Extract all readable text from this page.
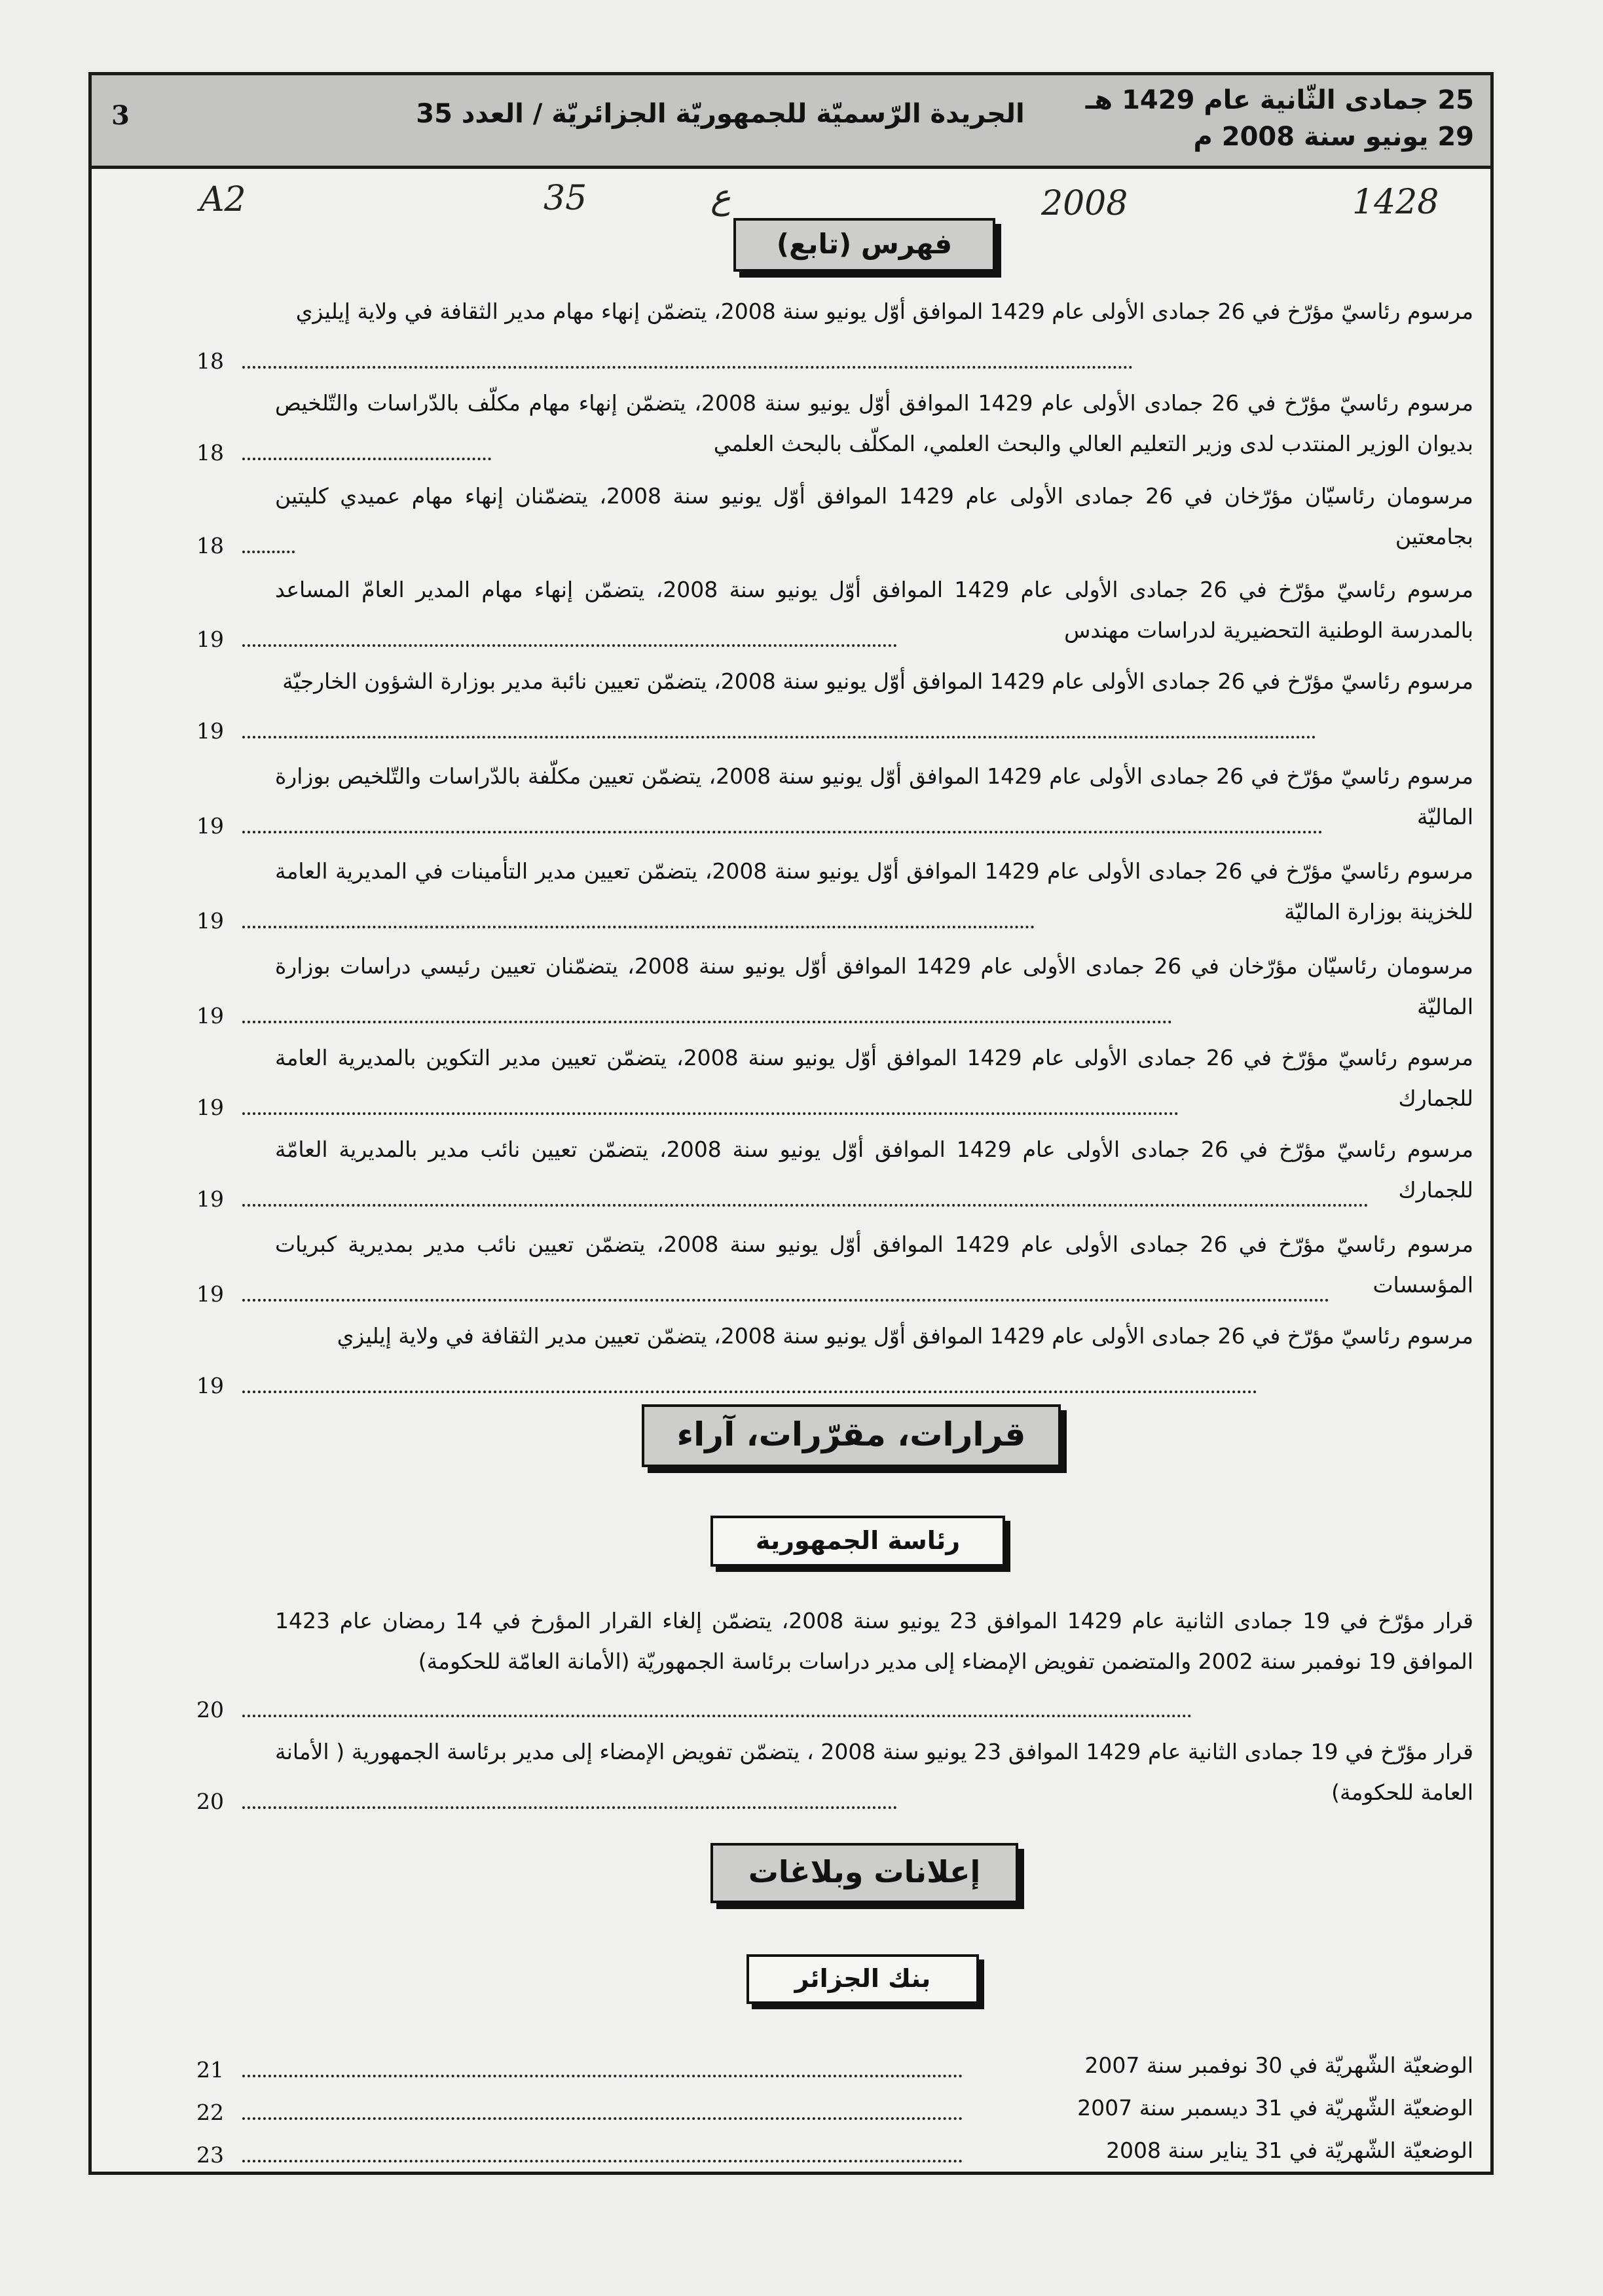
3	الجريدة الرّسميّة للجمهوريّة الجزائريّة / العدد 35	25 جمادى الثّانية عام 1429 هـ
29 يونيو سنة 2008 م
A2	35	ع	2008	1428
فهرس (تابع)
مرسوم رئاسيّ مؤرّخ في 26 جمادى الأولى عام 1429 الموافق أوّل يونيو سنة 2008، يتضمّن إنهاء مهام مدير الثقافة في ولاية إيليزي
18
مرسوم رئاسيّ مؤرّخ في 26 جمادى الأولى عام 1429 الموافق أوّل يونيو سنة 2008، يتضمّن إنهاء مهام مكلّف بالدّراسات والتّلخيص بديوان الوزير المنتدب لدى وزير التعليم العالي والبحث العلمي، المكلّف بالبحث العلمي
18
مرسومان رئاسيّان مؤرّخان في 26 جمادى الأولى عام 1429 الموافق أوّل يونيو سنة 2008، يتضمّنان إنهاء مهام عميدي كليتين بجامعتين
18
مرسوم رئاسيّ مؤرّخ في 26 جمادى الأولى عام 1429 الموافق أوّل يونيو سنة 2008، يتضمّن إنهاء مهام المدير العامّ المساعد بالمدرسة الوطنية التحضيرية لدراسات مهندس
19
مرسوم رئاسيّ مؤرّخ في 26 جمادى الأولى عام 1429 الموافق أوّل يونيو سنة 2008، يتضمّن تعيين نائبة مدير بوزارة الشؤون الخارجيّة
19
مرسوم رئاسيّ مؤرّخ في 26 جمادى الأولى عام 1429 الموافق أوّل يونيو سنة 2008، يتضمّن تعيين مكلّفة بالدّراسات والتّلخيص بوزارة الماليّة
19
مرسوم رئاسيّ مؤرّخ في 26 جمادى الأولى عام 1429 الموافق أوّل يونيو سنة 2008، يتضمّن تعيين مدير التأمينات في المديرية العامة للخزينة بوزارة الماليّة
19
مرسومان رئاسيّان مؤرّخان في 26 جمادى الأولى عام 1429 الموافق أوّل يونيو سنة 2008، يتضمّنان تعيين رئيسي دراسات بوزارة الماليّة
19
مرسوم رئاسيّ مؤرّخ في 26 جمادى الأولى عام 1429 الموافق أوّل يونيو سنة 2008، يتضمّن تعيين مدير التكوين بالمديرية العامة للجمارك
19
مرسوم رئاسيّ مؤرّخ في 26 جمادى الأولى عام 1429 الموافق أوّل يونيو سنة 2008، يتضمّن تعيين نائب مدير بالمديرية العامّة للجمارك
19
مرسوم رئاسيّ مؤرّخ في 26 جمادى الأولى عام 1429 الموافق أوّل يونيو سنة 2008، يتضمّن تعيين نائب مدير بمديرية كبريات المؤسسات
19
مرسوم رئاسيّ مؤرّخ في 26 جمادى الأولى عام 1429 الموافق أوّل يونيو سنة 2008، يتضمّن تعيين مدير الثقافة في ولاية إيليزي
19
قرارات، مقرّرات، آراء
رئاسة الجمهورية
قرار مؤرّخ في 19 جمادى الثانية عام 1429 الموافق 23 يونيو سنة 2008، يتضمّن إلغاء القرار المؤرخ في 14 رمضان عام 1423 الموافق 19 نوفمبر سنة 2002 والمتضمن تفويض الإمضاء إلى مدير دراسات برئاسة الجمهوريّة (الأمانة العامّة للحكومة)
20
قرار مؤرّخ في 19 جمادى الثانية عام 1429 الموافق 23 يونيو سنة 2008 ، يتضمّن تفويض الإمضاء إلى مدير برئاسة الجمهورية ( الأمانة العامة للحكومة)
20
إعلانات وبلاغات
بنك الجزائر
الوضعيّة الشّهريّة في 30 نوفمبر سنة 2007
21
الوضعيّة الشّهريّة في 31 ديسمبر سنة 2007
22
الوضعيّة الشّهريّة في 31 يناير سنة 2008
23
